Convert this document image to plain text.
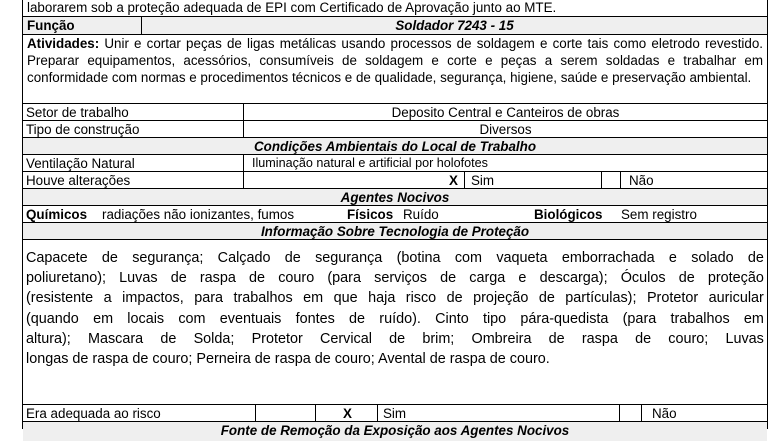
laborarem sob a proteção adequada de EPI com Certificado de Aprovação junto ao MTE.
Função	Soldador 7243 - 15

Atividades: Unir e cortar peças de ligas metálicas usando processos de soldagem e corte tais como eletrodo revestido. Preparar equipamentos, acessórios, consumíveis de soldagem e corte e peças a serem soldadas e trabalhar em conformidade com normas e procedimentos técnicos e de qualidade, segurança, higiene, saúde e preservação ambiental.

Setor de trabalho	Deposito Central e Canteiros de obras
Tipo de construção	Diversos
Condições Ambientais do Local de Trabalho
Ventilação Natural	Iluminação natural e artificial por holofotes
Houve alterações	X Sim	Não
Agentes Nocivos
Químicos	radiações não ionizantes, fumos	Físicos Ruído	Biológicos	Sem registro
Informação Sobre Tecnologia de Proteção
Capacete de segurança; Calçado de segurança (botina com vaqueta emborrachada e solado de
poliuretano); Luvas de raspa de couro (para serviços de carga e descarga); Óculos de proteção
(resistente a impactos, para trabalhos em que haja risco de projeção de partículas); Protetor auricular
(quando em locais com eventuais fontes de ruído). Cinto tipo pára-quedista (para trabalhos em
altura); Mascara de Solda; Protetor Cervical de brim; Ombreira de raspa de couro; Luvas
longas de raspa de couro; Perneira de raspa de couro; Avental de raspa de couro.
Era adequada ao risco	X	Sim	Não
Fonte de Remoção da Exposição aos Agentes Nocivos
